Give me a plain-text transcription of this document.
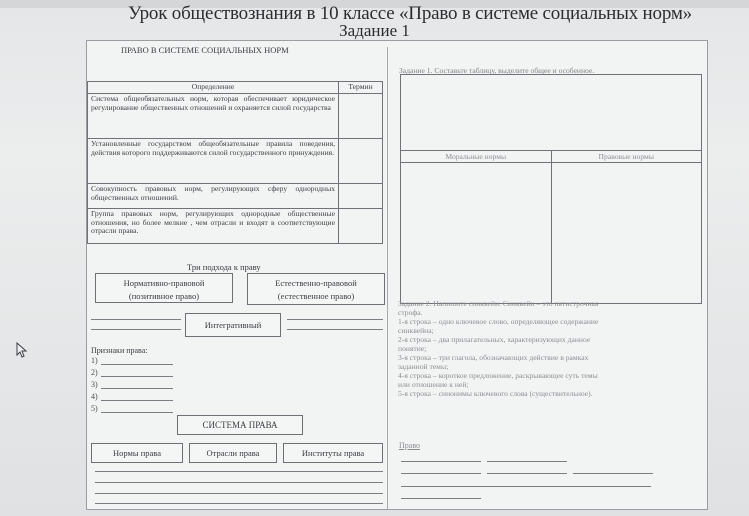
Урок обществознания в 10 классе «Право в системе социальных норм»
Задание 1
ПРАВО В СИСТЕМЕ СОЦИАЛЬНЫХ НОРМ
Определение	Термин
Система общеобязательных норм, которая обеспечивает юридическое регулирование общественных отношений и охраняется силой государства	
Установленные государством общеобязательные правила поведения, действия которого поддерживаются силой государственного принуждения.	
Совокупность правовых норм, регулирующих сферу однородных общественных отношений.	
Группа правовых норм, регулирующих однородные общественные отношения, но более мелкие , чем отрасли и входят в соответствующие отрасли права.	
Три подхода к праву
Нормативно-правовой
(позитивное право)
Естественно-правовой
(естественное право)
Интегративный
Признаки права:
1)
2)
3)
4)
5)
СИСТЕМА ПРАВА
Нормы права	Отрасли права	Институты права
Задание 1. Составьте таблицу, выделите общее и особенное.
Моральные нормы	Правовые нормы

Задание 2. Напишите синквейн. Синквейн – это пятистрочная
строфа.
1-я строка – одно ключевое слово, определяющее содержание
синквейна;
2-я строка – два прилагательных, характеризующих данное
понятие;
3-я строка – три глагола, обозначающих действие в рамках
заданной темы;
4-я строка – короткое предложение, раскрывающее суть темы
или отношение к ней;
5-я строка – синонимы ключевого слова (существительное).
Право
